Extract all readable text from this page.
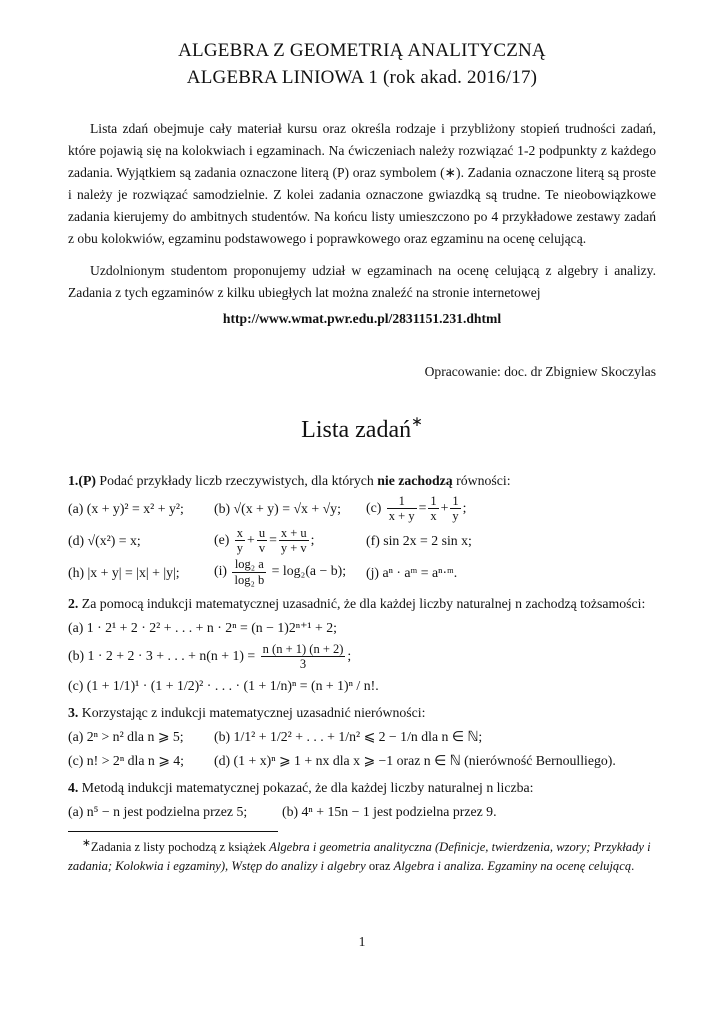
ALGEBRA Z GEOMETRIĄ ANALITYCZNĄ
ALGEBRA LINIOWA 1 (rok akad. 2016/17)

Lista zdań obejmuje cały materiał kursu oraz określa rodzaje i przybliżony stopień trudności zadań, które pojawią się na kolokwiach i egzaminach. Na ćwiczeniach należy rozwiązać 1-2 podpunkty z każdego zadania. Wyjątkiem są zadania oznaczone literą (P) oraz symbolem (∗). Zadania oznaczone literą są proste i należy je rozwiązać samodzielnie. Z kolei zadania oznaczone gwiazdką są trudne. Te nieobowiązkowe zadania kierujemy do ambitnych studentów. Na końcu listy umieszczono po 4 przykładowe zestawy zadań z obu kolokwiów, egzaminu podstawowego i poprawkowego oraz egzaminu na ocenę celującą.

Uzdolnionym studentom proponujemy udział w egzaminach na ocenę celującą z algebry i analizy. Zadania z tych egzaminów z kilku ubiegłych lat można znaleźć na stronie internetowej

http://www.wmat.pwr.edu.pl/2831151.231.dhtml
Opracowanie: doc. dr Zbigniew Skoczylas
Lista zadań∗
1.(P) Podać przykłady liczb rzeczywistych, dla których nie zachodzą równości:
(a) (x + y)² = x² + y²;	(b) √(x + y) = √x + √y;	$(c) \frac{1}{x + y} = \frac{1}{x} + \frac{1}{y}$ ;
(d) √(x²) = x;	$(e) \frac{x}{y} + \frac{u}{v} = \frac{x + u}{y + v}$ ;	(f) sin 2x = 2 sin x;
(h) |x + y| = |x| + |y|;	$(i) \frac{\text{log₂ a}}{\text{log₂ b}} = \log_2(a - b)$;	(j) aⁿ · aᵐ = aⁿ·ᵐ.
2. Za pomocą indukcji matematycznej uzasadnić, że dla każdej liczby naturalnej n zachodzą tożsamości:
(a) 1 · 2¹ + 2 · 2² + . . . + n · 2ⁿ = (n − 1)2ⁿ⁺¹ + 2;
(b) 1 · 2 + 2 · 3 + . . . + $n(n + 1) = \frac{n (n + 1) (n + 2)}{3}$ ;
(c) (1 + 1/1)¹ · (1 + 1/2)² · . . . · (1 + 1/n)ⁿ = (n + 1)ⁿ / n!.
3. Korzystając z indukcji matematycznej uzasadnić nierówności:
(a) 2ⁿ > n² dla n ⩾ 5;	(b) 1/1² + 1/2² + . . . + 1/n² ⩽ 2 − 1/n dla n ∈ ℕ;
(c) n! > 2ⁿ dla n ⩾ 4;	(d) (1 + x)ⁿ ⩾ 1 + nx dla x ⩾ −1 oraz n ∈ ℕ (nierówność Bernoulliego).
4. Metodą indukcji matematycznej pokazać, że dla każdej liczby naturalnej n liczba:
(a) n⁵ − n jest podzielna przez 5;	(b) 4ⁿ + 15n − 1 jest podzielna przez 9.
∗Zadania z listy pochodzą z książek Algebra i geometria analityczna (Definicje, twierdzenia, wzory; Przykłady i zadania; Kolokwia i egzaminy), Wstęp do analizy i algebry oraz Algebra i analiza. Egzaminy na ocenę celującą.
1
